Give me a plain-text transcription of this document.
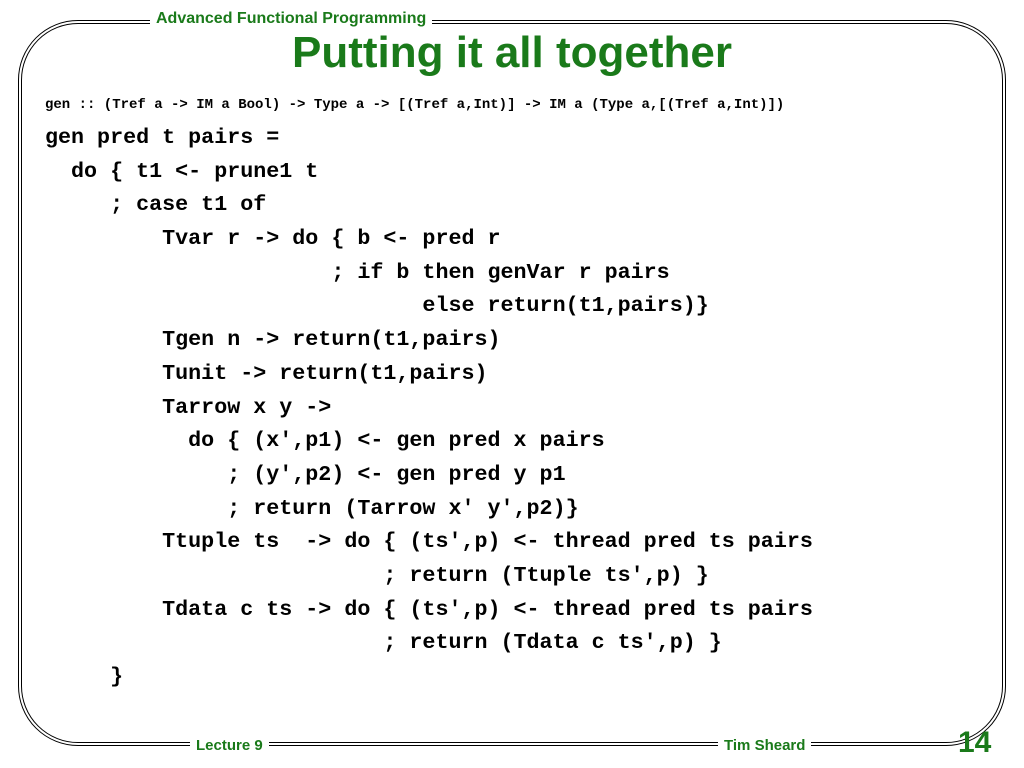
Advanced Functional Programming
Putting it all together
gen :: (Tref a -> IM a Bool) -> Type a -> [(Tref a,Int)] -> IM a (Type a,[(Tref a,Int)])
gen pred t pairs =
do { t1 <- prune1 t
; case t1 of
Tvar r -> do { b <- pred r
; if b then genVar r pairs
else return(t1,pairs)}
Tgen n -> return(t1,pairs)
Tunit -> return(t1,pairs)
Tarrow x y ->
do { (x',p1) <- gen pred x pairs
; (y',p2) <- gen pred y p1
; return (Tarrow x' y',p2)}
Ttuple ts  -> do { (ts',p) <- thread pred ts pairs
; return (Ttuple ts',p) }
Tdata c ts -> do { (ts',p) <- thread pred ts pairs
; return (Tdata c ts',p) }
}
Lecture 9	Tim Sheard	14
